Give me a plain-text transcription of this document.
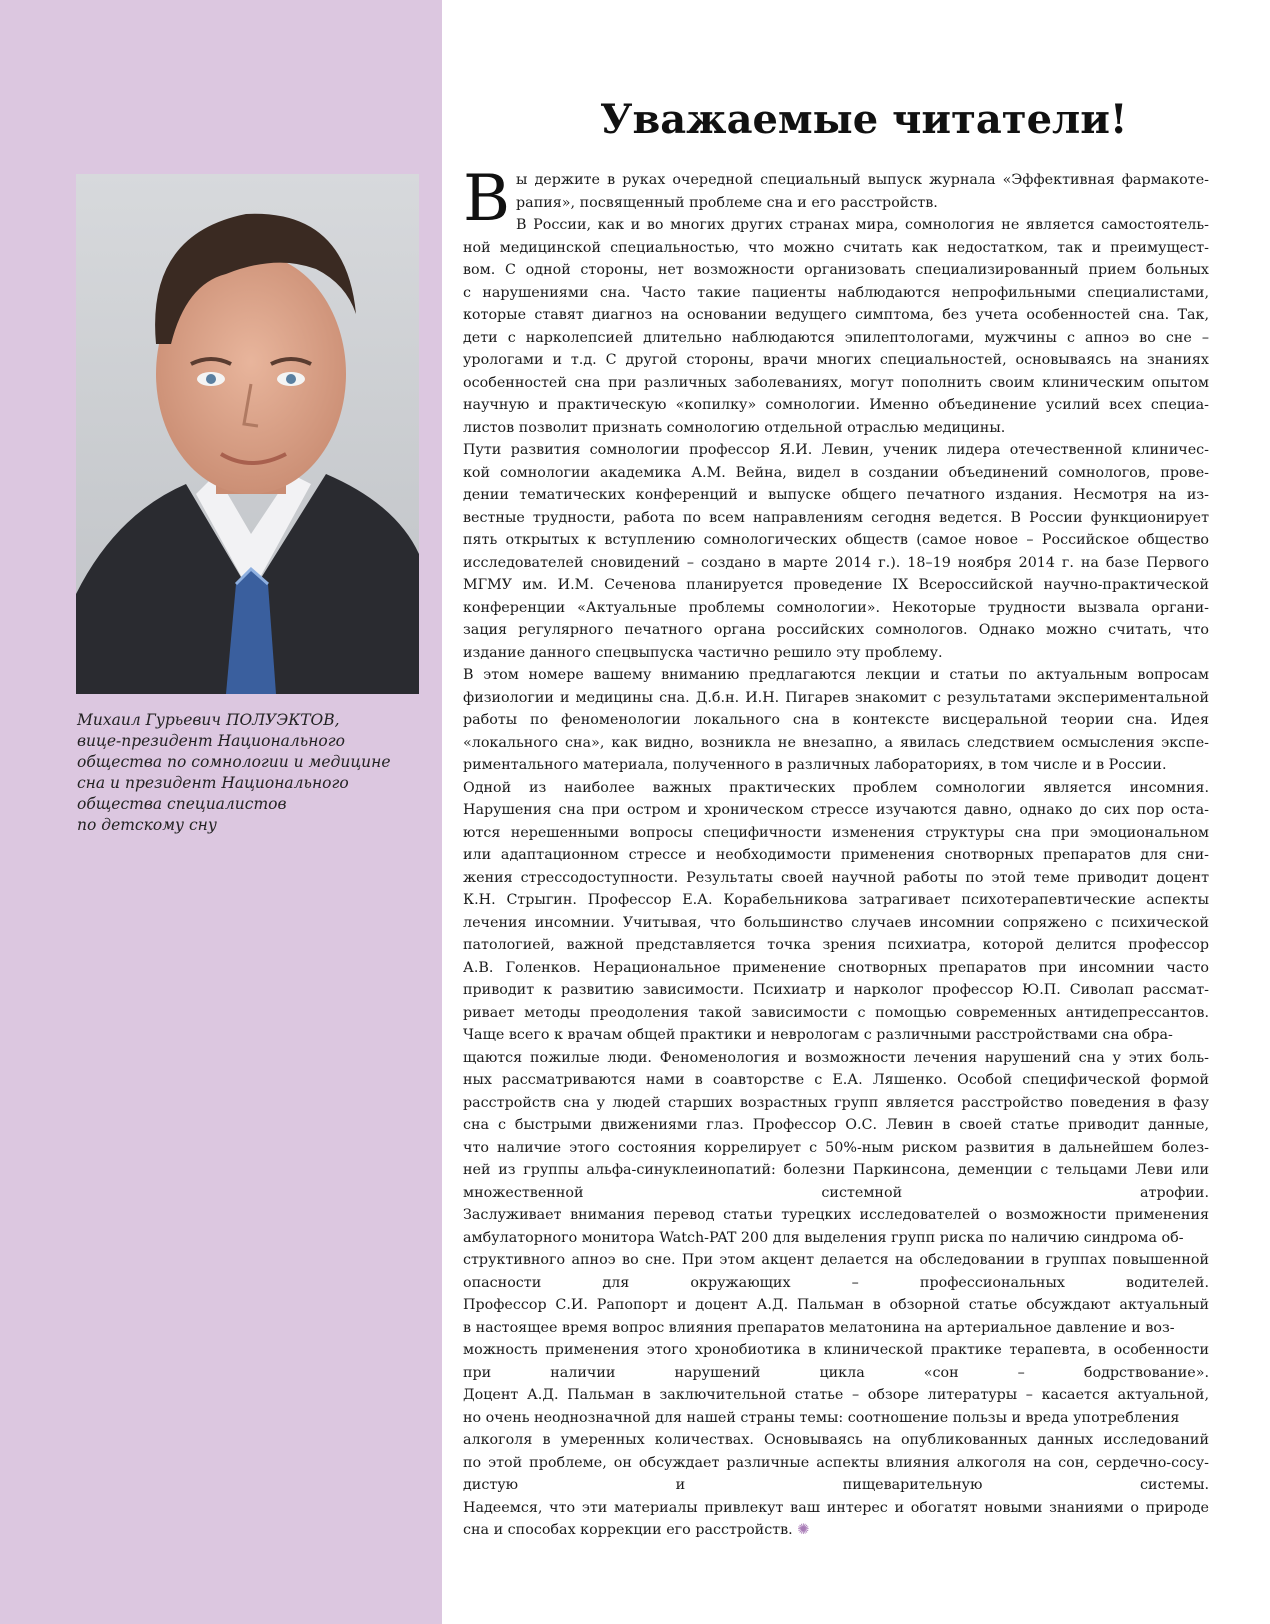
Михаил Гурьевич ПОЛУЭКТОВ,
вице-президент Национального
общества по сомнологии и медицине
сна и президент Национального
общества специалистов
по детскому сну
Уважаемые читатели!
В ы держите в руках очередной специальный выпуск журнала «Эффективная фармакоте-
рапия», посвященный проблеме сна и его расстройств.
В России, как и во многих других странах мира, сомнология не является самостоятель-
ной медицинской специальностью, что можно считать как недостатком, так и преимущест-
вом. С одной стороны, нет возможности организовать специализированный прием больных
с нарушениями сна. Часто такие пациенты наблюдаются непрофильными специалистами,
которые ставят диагноз на основании ведущего симптома, без учета особенностей сна. Так,
дети с нарколепсией длительно наблюдаются эпилептологами, мужчины с апноэ во сне –
урологами и т.д. С другой стороны, врачи многих специальностей, основываясь на знаниях
особенностей сна при различных заболеваниях, могут пополнить своим клиническим опытом
научную и практическую «копилку» сомнологии. Именно объединение усилий всех специа-
листов позволит признать сомнологию отдельной отраслью медицины.
Пути развития сомнологии профессор Я.И. Левин, ученик лидера отечественной клиничес-
кой сомнологии академика А.М. Вейна, видел в создании объединений сомнологов, прове-
дении тематических конференций и выпуске общего печатного издания. Несмотря на из-
вестные трудности, работа по всем направлениям сегодня ведется. В России функционирует
пять открытых к вступлению сомнологических обществ (самое новое – Российское общество
исследователей сновидений – создано в марте 2014 г.). 18–19 ноября 2014 г. на базе Первого
МГМУ им. И.М. Сеченова планируется проведение IX Всероссийской научно-практической
конференции «Актуальные проблемы сомнологии». Некоторые трудности вызвала органи-
зация регулярного печатного органа российских сомнологов. Однако можно считать, что
издание данного спецвыпуска частично решило эту проблему.
В этом номере вашему вниманию предлагаются лекции и статьи по актуальным вопросам
физиологии и медицины сна. Д.б.н. И.Н. Пигарев знакомит с результатами экспериментальной
работы по феноменологии локального сна в контексте висцеральной теории сна. Идея
«локального сна», как видно, возникла не внезапно, а явилась следствием осмысления экспе-
риментального материала, полученного в различных лабораториях, в том числе и в России.
Одной из наиболее важных практических проблем сомнологии является инсомния.
Нарушения сна при остром и хроническом стрессе изучаются давно, однако до сих пор оста-
ются нерешенными вопросы специфичности изменения структуры сна при эмоциональном
или адаптационном стрессе и необходимости применения снотворных препаратов для сни-
жения стрессодоступности. Результаты своей научной работы по этой теме приводит доцент
К.Н. Стрыгин. Профессор Е.А. Корабельникова затрагивает психотерапевтические аспекты
лечения инсомнии. Учитывая, что большинство случаев инсомнии сопряжено с психической
патологией, важной представляется точка зрения психиатра, которой делится профессор
А.В. Голенков. Нерациональное применение снотворных препаратов при инсомнии часто
приводит к развитию зависимости. Психиатр и нарколог профессор Ю.П. Сиволап рассмат-
ривает методы преодоления такой зависимости с помощью современных антидепрессантов.
Чаще всего к врачам общей практики и неврологам с различными расстройствами сна обра-
щаются пожилые люди. Феноменология и возможности лечения нарушений сна у этих боль-
ных рассматриваются нами в соавторстве с Е.А. Ляшенко. Особой специфической формой
расстройств сна у людей старших возрастных групп является расстройство поведения в фазу
сна с быстрыми движениями глаз. Профессор О.С. Левин в своей статье приводит данные,
что наличие этого состояния коррелирует с 50%-ным риском развития в дальнейшем болез-
ней из группы альфа-синуклеинопатий: болезни Паркинсона, деменции с тельцами Леви или
множественной системной атрофии.
Заслуживает внимания перевод статьи турецких исследователей о возможности применения
амбулаторного монитора Watch-PAT 200 для выделения групп риска по наличию синдрома об-
структивного апноэ во сне. При этом акцент делается на обследовании в группах повышенной
опасности для окружающих – профессиональных водителей.
Профессор С.И. Рапопорт и доцент А.Д. Пальман в обзорной статье обсуждают актуальный
в настоящее время вопрос влияния препаратов мелатонина на артериальное давление и воз-
можность применения этого хронобиотика в клинической практике терапевта, в особенности
при наличии нарушений цикла «сон – бодрствование».
Доцент А.Д. Пальман в заключительной статье – обзоре литературы – касается актуальной,
но очень неоднозначной для нашей страны темы: соотношение пользы и вреда употребления
алкоголя в умеренных количествах. Основываясь на опубликованных данных исследований
по этой проблеме, он обсуждает различные аспекты влияния алкоголя на сон, сердечно-сосу-
дистую и пищеварительную системы.
Надеемся, что эти материалы привлекут ваш интерес и обогатят новыми знаниями о природе
сна и способах коррекции его расстройств. ✺
